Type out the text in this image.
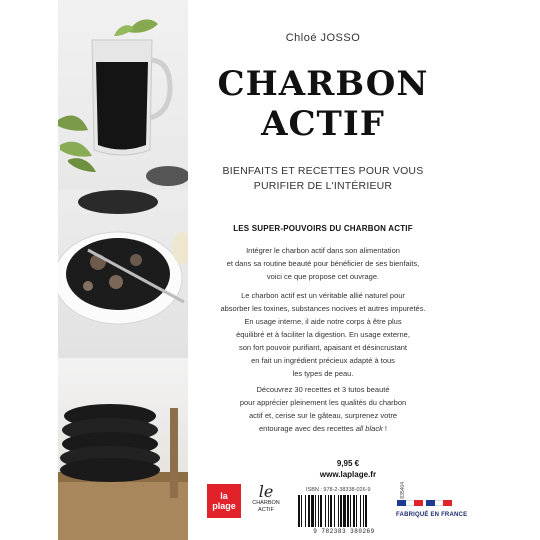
Chloé JOSSO
CHARBON
ACTIF
BIENFAITS ET RECETTES POUR VOUS
PURIFIER DE L'INTÉRIEUR
LES SUPER-POUVOIRS DU CHARBON ACTIF
Intégrer le charbon actif dans son alimentation
et dans sa routine beauté pour bénéficier de ses bienfaits,
voici ce que propose cet ouvrage.
Le charbon actif est un véritable allié naturel pour
absorber les toxines, substances nocives et autres impuretés.
En usage interne, il aide notre corps à être plus
équilibré et à faciliter la digestion. En usage externe,
son fort pouvoir purifiant, apaisant et désincrustant
en fait un ingrédient précieux adapté à tous
les types de peau.
Découvrez 30 recettes et 3 tutos beauté
pour apprécier pleinement les qualités du charbon
actif et, cerise sur le gâteau, surprenez votre
entourage avec des recettes all black !
9,95 €
www.laplage.fr
la
plage
le
CHARBON
ACTIF
ISBN : 978-2-38338-026-9
9 782383 380269
835404
FABRIQUÉ EN FRANCE
